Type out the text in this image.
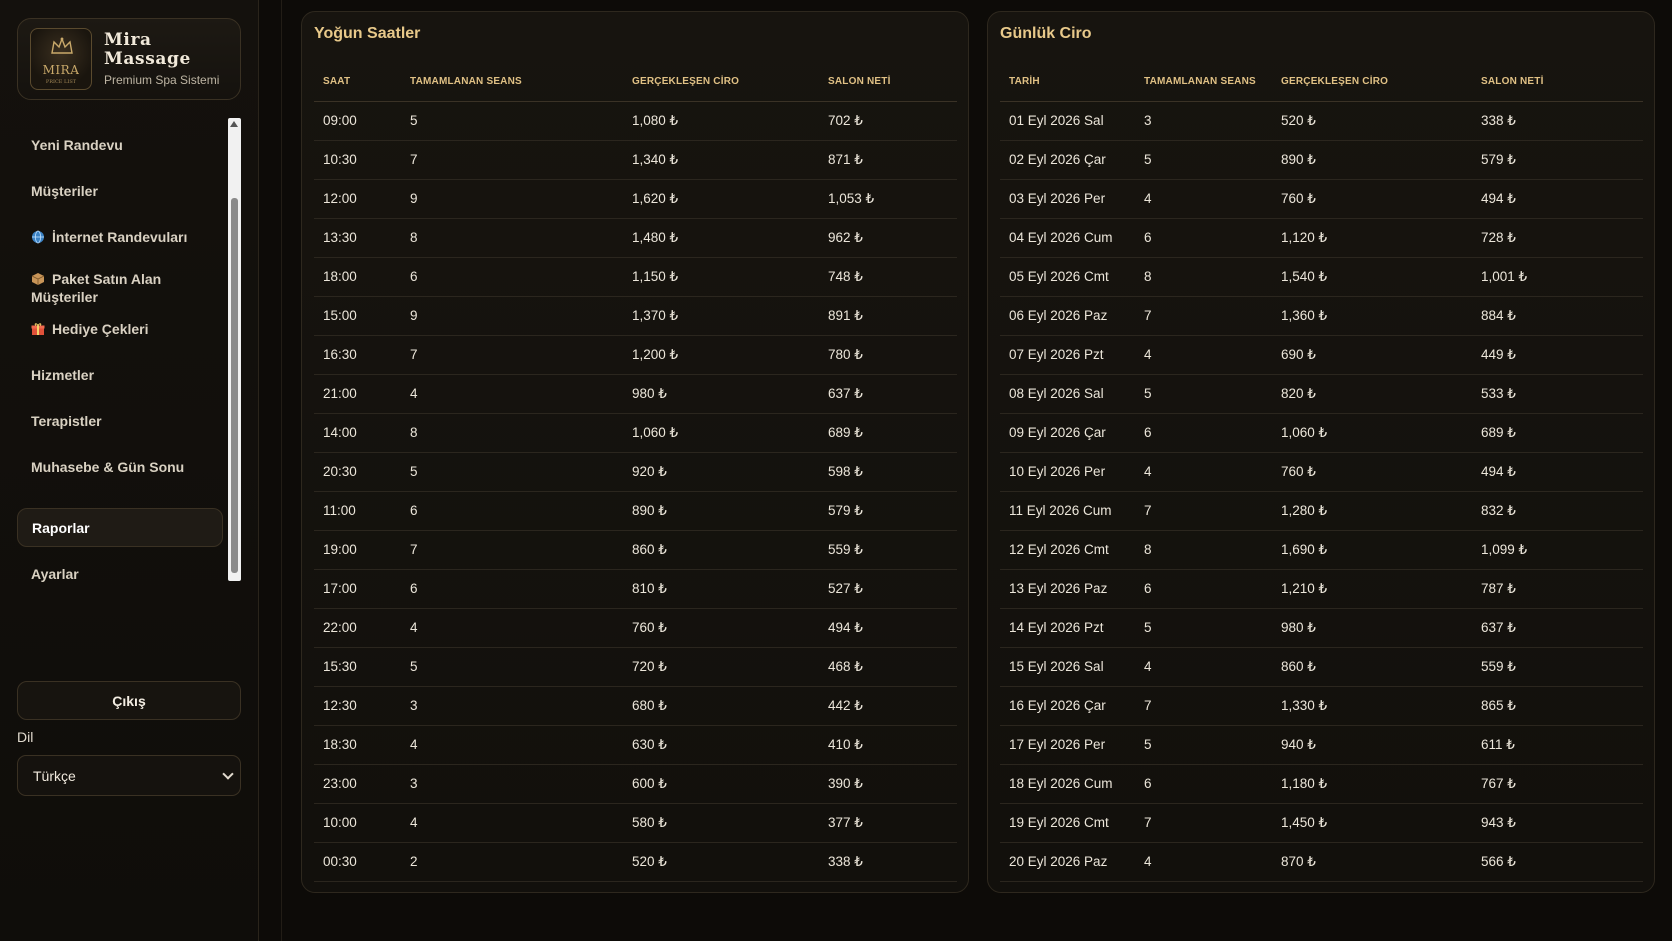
MIRA
PRICE LIST
Mira
Massage
Premium Spa Sistemi
Yeni Randevu
Müşteriler
İnternet Randevuları
Paket Satın Alan
Müşteriler
Hediye Çekleri
Hizmetler
Terapistler
Muhasebe & Gün Sonu
Raporlar
Ayarlar
Çıkış
Dil
Türkçe
Yoğun Saatler
SAAT	TAMAMLANAN SEANS	GERÇEKLEŞEN CİRO	SALON NETİ
09:00	5	1,080 ₺	702 ₺
10:30	7	1,340 ₺	871 ₺
12:00	9	1,620 ₺	1,053 ₺
13:30	8	1,480 ₺	962 ₺
18:00	6	1,150 ₺	748 ₺
15:00	9	1,370 ₺	891 ₺
16:30	7	1,200 ₺	780 ₺
21:00	4	980 ₺	637 ₺
14:00	8	1,060 ₺	689 ₺
20:30	5	920 ₺	598 ₺
11:00	6	890 ₺	579 ₺
19:00	7	860 ₺	559 ₺
17:00	6	810 ₺	527 ₺
22:00	4	760 ₺	494 ₺
15:30	5	720 ₺	468 ₺
12:30	3	680 ₺	442 ₺
18:30	4	630 ₺	410 ₺
23:00	3	600 ₺	390 ₺
10:00	4	580 ₺	377 ₺
00:30	2	520 ₺	338 ₺
Günlük Ciro
TARİH	TAMAMLANAN SEANS	GERÇEKLEŞEN CİRO	SALON NETİ
01 Eyl 2026 Sal	3	520 ₺	338 ₺
02 Eyl 2026 Çar	5	890 ₺	579 ₺
03 Eyl 2026 Per	4	760 ₺	494 ₺
04 Eyl 2026 Cum	6	1,120 ₺	728 ₺
05 Eyl 2026 Cmt	8	1,540 ₺	1,001 ₺
06 Eyl 2026 Paz	7	1,360 ₺	884 ₺
07 Eyl 2026 Pzt	4	690 ₺	449 ₺
08 Eyl 2026 Sal	5	820 ₺	533 ₺
09 Eyl 2026 Çar	6	1,060 ₺	689 ₺
10 Eyl 2026 Per	4	760 ₺	494 ₺
11 Eyl 2026 Cum	7	1,280 ₺	832 ₺
12 Eyl 2026 Cmt	8	1,690 ₺	1,099 ₺
13 Eyl 2026 Paz	6	1,210 ₺	787 ₺
14 Eyl 2026 Pzt	5	980 ₺	637 ₺
15 Eyl 2026 Sal	4	860 ₺	559 ₺
16 Eyl 2026 Çar	7	1,330 ₺	865 ₺
17 Eyl 2026 Per	5	940 ₺	611 ₺
18 Eyl 2026 Cum	6	1,180 ₺	767 ₺
19 Eyl 2026 Cmt	7	1,450 ₺	943 ₺
20 Eyl 2026 Paz	4	870 ₺	566 ₺
